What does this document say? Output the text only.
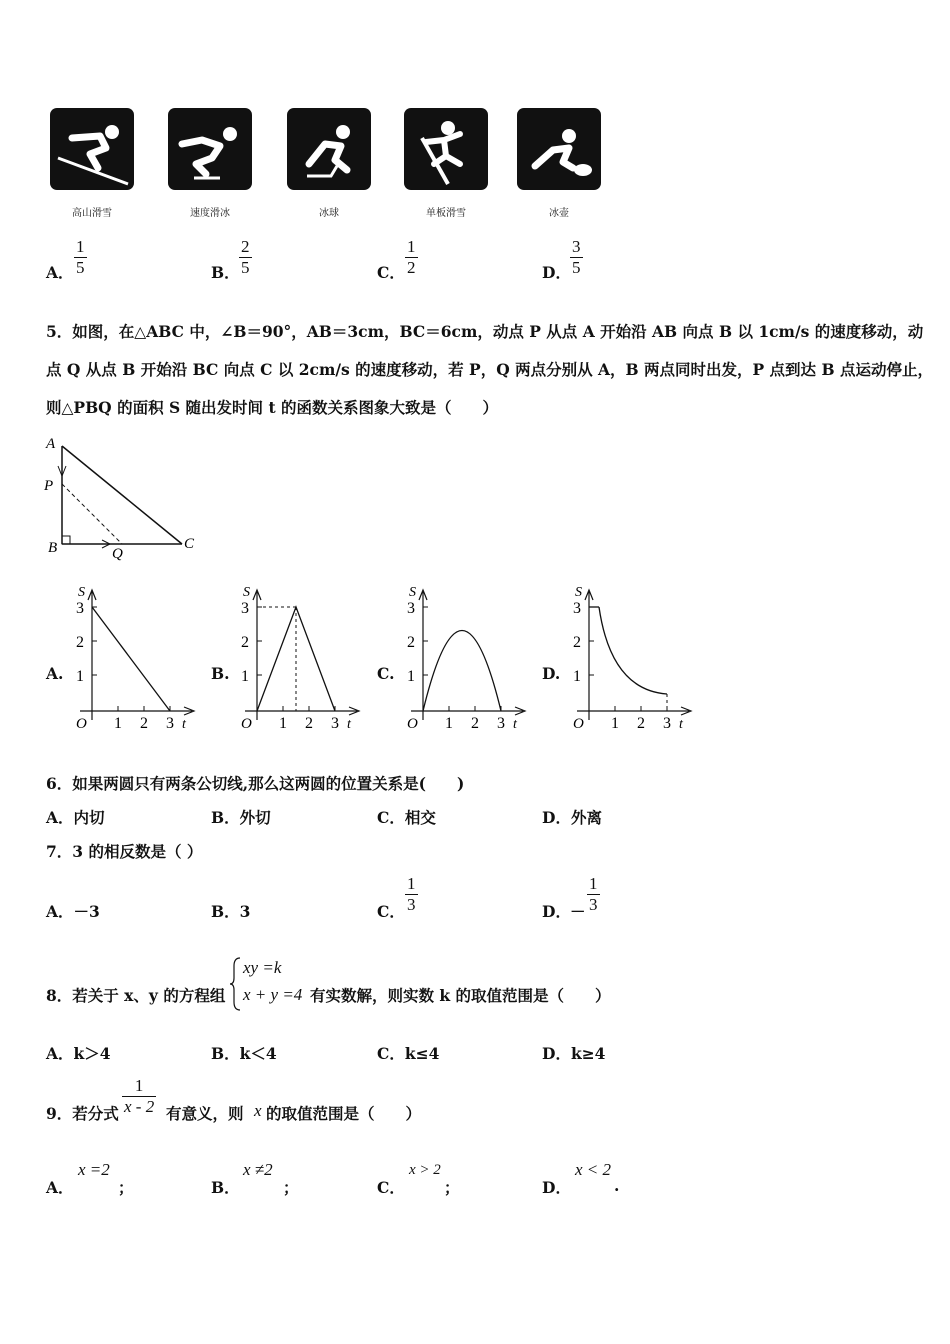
高山滑雪	速度滑冰	冰球	单板滑雪	冰壶
A． $\frac{1}{5}$	B． $\frac{2}{5}$	C． $\frac{1}{2}$	D． $\frac{3}{5}$
5．如图，在△ABC 中，∠B＝90°，AB＝3cm，BC＝6cm，动点 P 从点 A 开始沿 AB 向点 B 以 1cm/s 的速度移动，动
点 Q 从点 B 开始沿 BC 向点 C 以 2cm/s 的速度移动，若 P，Q 两点分别从 A，B 两点同时出发，P 点到达 B 点运动停止，
则△PBQ 的面积 S 随出发时间 t 的函数关系图象大致是（　　）
A
P
B	Q
C
A.	B.	C.	D.
S
3
2
1
O 1 2 3 t
S
3
2
1
O 1 2 3 t
S
3
2
1
O 1 2 3 t
S
3
2
1
O 1 2 3 t
6．如果两圆只有两条公切线,那么这两圆的位置关系是(　　)
A．内切	B．外切	C．相交	D．外离
7．3 的相反数是（ ）
A．－3	B．3	C． $\frac{1}{3}$	D． － $\frac{1}{3}$
8．若关于 x、y 的方程组
xy =k
x + y =4 有实数解，则实数 k 的取值范围是（　　）
A．k＞4	B．k＜4	C．k≤4	D．k≥4
9．若分式 $\frac{1}{x - 2}$ 有意义，则 x 的取值范围是（　　）
A．
x =2
；	B．
x ≠2
；	C．
x > 2
；	D．
x < 2
.
